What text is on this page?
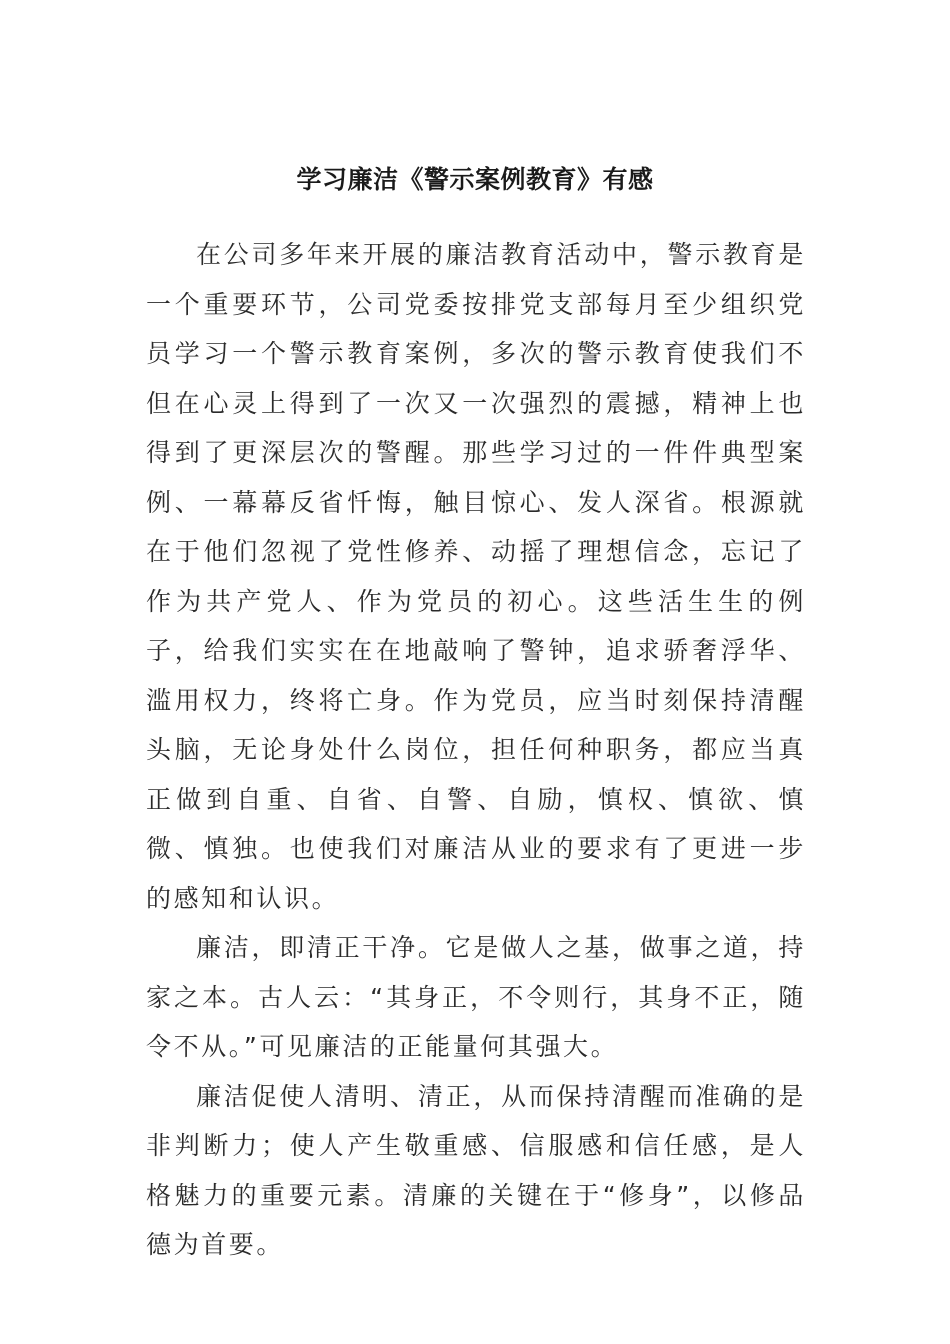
学习廉洁《警示案例教育》有感

在公司多年来开展的廉洁教育活动中，警示教育是一个重要环节，公司党委按排党支部每月至少组织党员学习一个警示教育案例，多次的警示教育使我们不但在心灵上得到了一次又一次强烈的震撼，精神上也得到了更深层次的警醒。那些学习过的一件件典型案例、一幕幕反省忏悔，触目惊心、发人深省。根源就在于他们忽视了党性修养、动摇了理想信念，忘记了作为共产党人、作为党员的初心。这些活生生的例子，给我们实实在在地敲响了警钟，追求骄奢浮华、滥用权力，终将亡身。作为党员，应当时刻保持清醒头脑，无论身处什么岗位，担任何种职务，都应当真正做到自重、自省、自警、自励，慎权、慎欲、慎微、慎独。也使我们对廉洁从业的要求有了更进一步的感知和认识。

廉洁，即清正干净。它是做人之基，做事之道，持家之本。古人云：“其身正，不令则行，其身不正，随令不从。”可见廉洁的正能量何其强大。

廉洁促使人清明、清正，从而保持清醒而准确的是非判断力；使人产生敬重感、信服感和信任感，是人格魅力的重要元素。清廉的关键在于“修身”，以修品德为首要。
